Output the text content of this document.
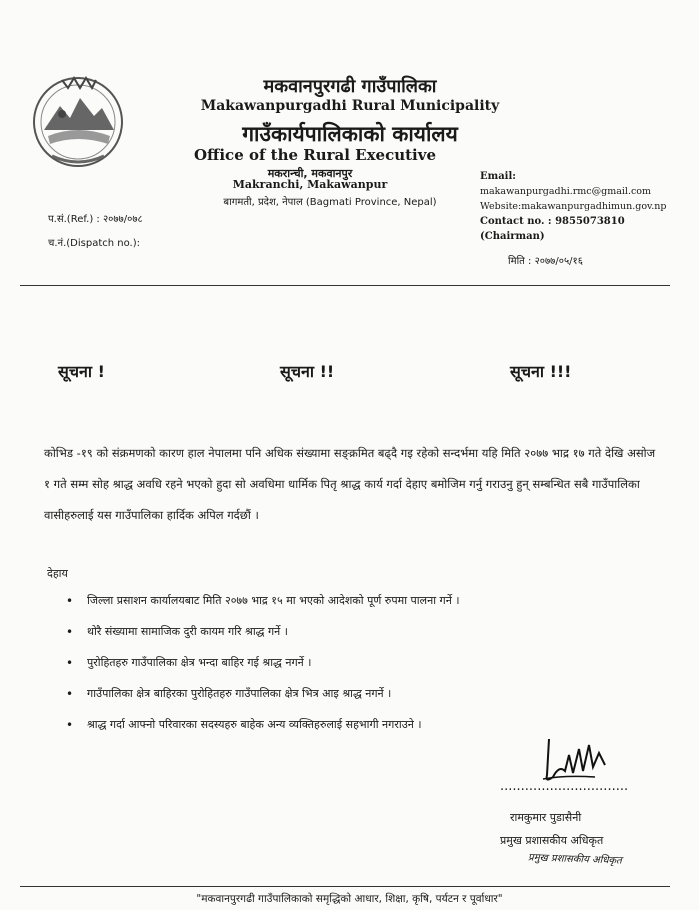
मकवानपुरगढी गाउँपालिका
Makawanpurgadhi Rural Municipality
गाउँकार्यपालिकाको कार्यालय
Office of the Rural Executive
मकरान्ची, मकवानपुर
Makranchi, Makawanpur
बागमती, प्रदेश, नेपाल (Bagmati Province, Nepal)
Email:
makawanpurgadhi.rmc@gmail.com
Website:makawanpurgadhimun.gov.np
Contact no. : 9855073810
(Chairman)
प.सं.(Ref.) : २०७७/०७८
च.नं.(Dispatch no.):
मिति : २०७७/०५/१६
सूचना !	सूचना !!	सूचना !!!
कोभिड -१९ को संक्रमणको कारण हाल नेपालमा पनि अधिक संख्यामा सङ्क्रमित बढ्दै गइ रहेको सन्दर्भमा यहि मिति २०७७ भाद्र १७ गते देखि असोज १ गते सम्म सोह श्राद्ध अवधि रहने भएको हुदा सो अवधिमा धार्मिक पितृ श्राद्ध कार्य गर्दा देहाए बमोजिम गर्नु गराउनु हुन् सम्बन्धित सबै गाउँपालिका वासीहरुलाई यस गाउँपालिका हार्दिक अपिल गर्दछौं ।
देहाय
• जिल्ला प्रसाशन कार्यालयबाट मिति २०७७ भाद्र १५ मा भएको आदेशको पूर्ण रुपमा पालना गर्ने ।
• थोरै संख्यामा सामाजिक दुरी कायम गरि श्राद्ध गर्ने ।
• पुरोहितहरु गाउँपालिका क्षेत्र भन्दा बाहिर गई श्राद्ध नगर्ने ।
• गाउँपालिका क्षेत्र बाहिरका पुरोहितहरु गाउँपालिका क्षेत्र भित्र आइ श्राद्ध नगर्ने ।
• श्राद्ध गर्दा आफ्नो परिवारका सदस्यहरु बाहेक अन्य व्यक्तिहरुलाई सहभागी नगराउने ।
...............................
रामकुमार पुडासैनी
प्रमुख प्रशासकीय अधिकृत
प्रमुख प्रशासकीय अधिकृत
"मकवानपुरगढी गाउँपालिकाको समृद्धिको आधार, शिक्षा, कृषि, पर्यटन र पूर्वाधार"
